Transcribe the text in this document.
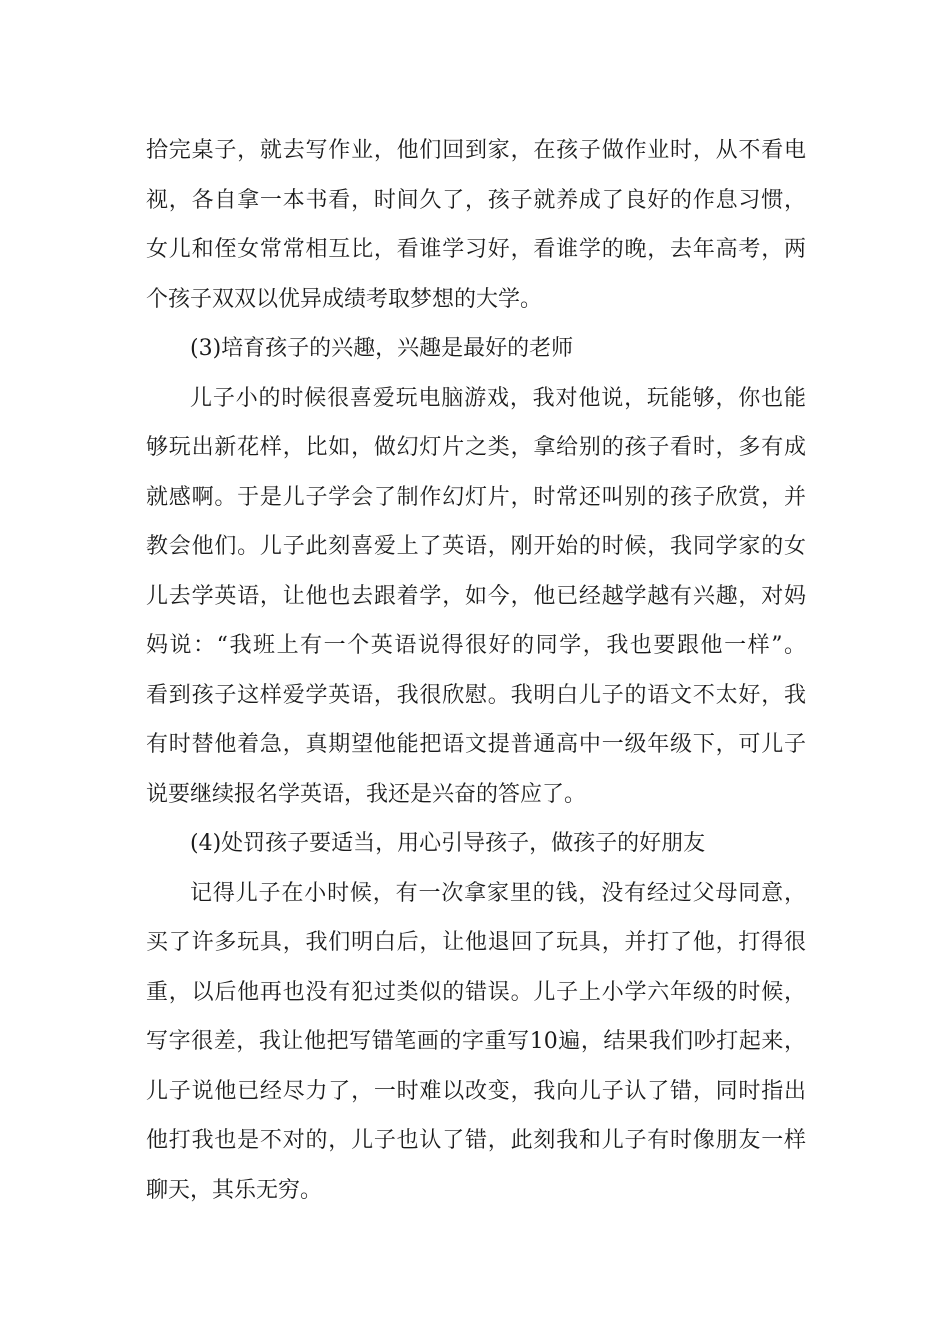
拾完桌子，就去写作业，他们回到家，在孩子做作业时，从不看电
视，各自拿一本书看，时间久了，孩子就养成了良好的作息习惯，
女儿和侄女常常相互比，看谁学习好，看谁学的晚，去年高考，两
个孩子双双以优异成绩考取梦想的大学。
(3)培育孩子的兴趣，兴趣是最好的老师
儿子小的时候很喜爱玩电脑游戏，我对他说，玩能够，你也能
够玩出新花样，比如，做幻灯片之类，拿给别的孩子看时，多有成
就感啊。于是儿子学会了制作幻灯片，时常还叫别的孩子欣赏，并
教会他们。儿子此刻喜爱上了英语，刚开始的时候，我同学家的女
儿去学英语，让他也去跟着学，如今，他已经越学越有兴趣，对妈
妈说：“我班上有一个英语说得很好的同学，我也要跟他一样”。
看到孩子这样爱学英语，我很欣慰。我明白儿子的语文不太好，我
有时替他着急，真期望他能把语文提普通高中一级年级下，可儿子
说要继续报名学英语，我还是兴奋的答应了。
(4)处罚孩子要适当，用心引导孩子，做孩子的好朋友
记得儿子在小时候，有一次拿家里的钱，没有经过父母同意，
买了许多玩具，我们明白后，让他退回了玩具，并打了他，打得很
重，以后他再也没有犯过类似的错误。儿子上小学六年级的时候，
写字很差，我让他把写错笔画的字重写10遍，结果我们吵打起来，
儿子说他已经尽力了，一时难以改变，我向儿子认了错，同时指出
他打我也是不对的，儿子也认了错，此刻我和儿子有时像朋友一样
聊天，其乐无穷。
